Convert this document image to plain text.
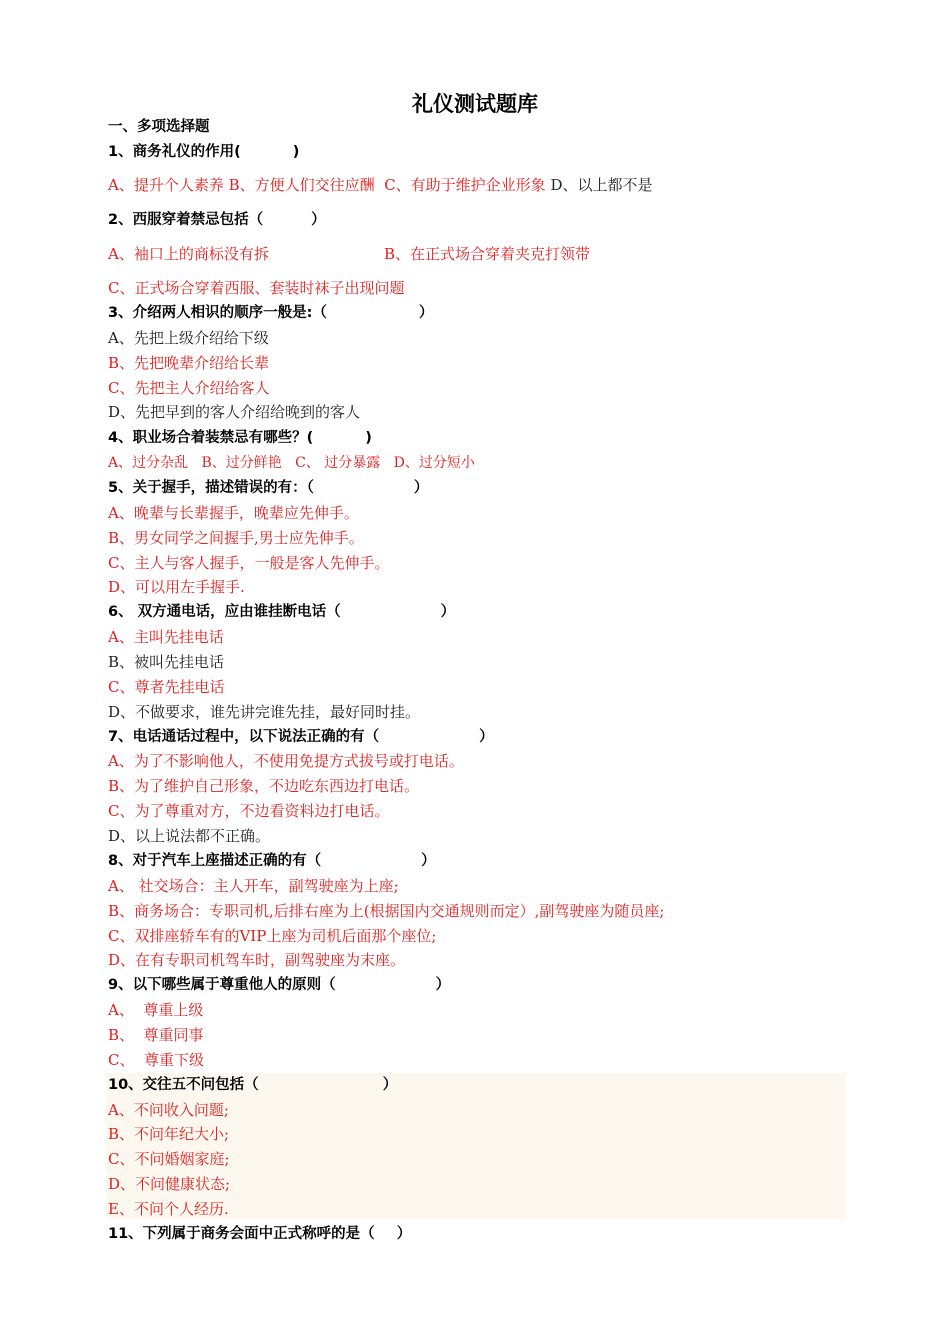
礼仪测试题库
一、多项选择题
1、商务礼仪的作用(	)
A、提升个人素养 B、方便人们交往应酬 C、有助于维护企业形象 D、以上都不是
2、西服穿着禁忌包括（	）
A、袖口上的商标没有拆	B、在正式场合穿着夹克打领带
C、正式场合穿着西服、套装时袜子出现问题
3、介绍两人相识的顺序一般是:（	）
A、先把上级介绍给下级
B、先把晚辈介绍给长辈
C、先把主人介绍给客人
D、先把早到的客人介绍给晚到的客人
4、职业场合着装禁忌有哪些？(	)
A、过分杂乱 B、过分鲜艳 C、 过分暴露 D、过分短小
5、关于握手，描述错误的有：（	）
A、晚辈与长辈握手，晚辈应先伸手。
B、男女同学之间握手,男士应先伸手。
C、主人与客人握手，一般是客人先伸手。
D、可以用左手握手.
6、 双方通电话，应由谁挂断电话（	）
A、主叫先挂电话
B、被叫先挂电话
C、尊者先挂电话
D、不做要求，谁先讲完谁先挂，最好同时挂。
7、电话通话过程中，以下说法正确的有（	）
A、为了不影响他人，不使用免提方式拔号或打电话。
B、为了维护自己形象，不边吃东西边打电话。
C、为了尊重对方，不边看资料边打电话。
D、以上说法都不正确。
8、对于汽车上座描述正确的有（	）
A、 社交场合：主人开车，副驾驶座为上座;
B、商务场合：专职司机,后排右座为上(根据国内交通规则而定）,副驾驶座为随员座;
C、双排座轿车有的VIP上座为司机后面那个座位;
D、在有专职司机驾车时，副驾驶座为末座。
9、以下哪些属于尊重他人的原则（	）
A、  尊重上级
B、  尊重同事
C、  尊重下级
10、交往五不问包括（	）
A、不问收入问题;
B、不问年纪大小;
C、不问婚姻家庭;
D、不问健康状态;
E、不问个人经历.
11、下列属于商务会面中正式称呼的是（ ）
